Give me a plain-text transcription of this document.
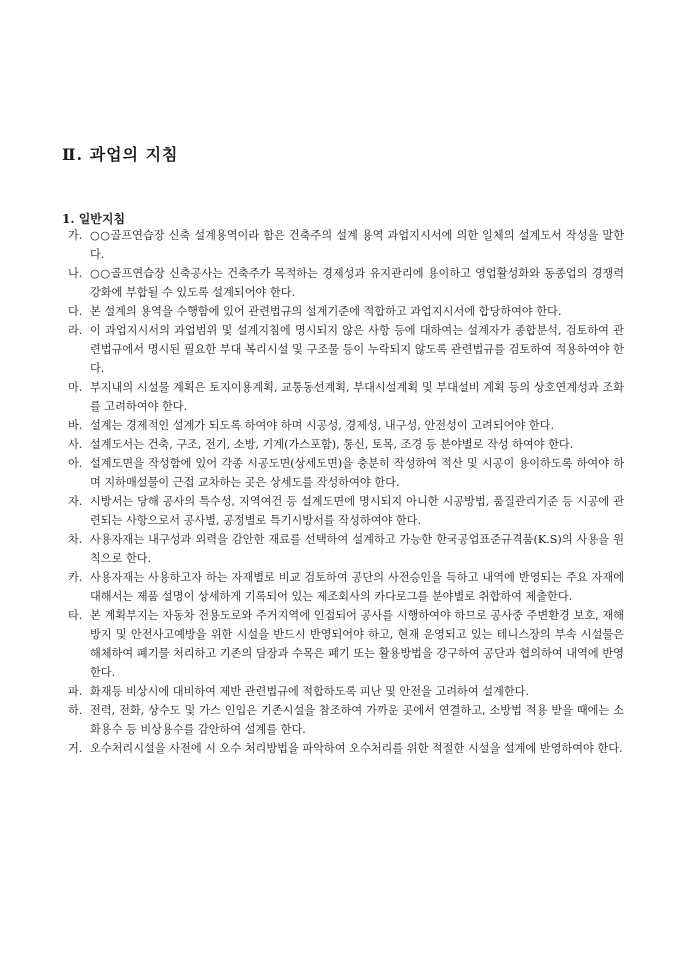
Ⅱ. 과업의 지침
1. 일반지침
가. ○○골프연습장 신축 설계용역이라 함은 건축주의 설계 용역 과업지시서에 의한 일체의 설계도서 작성을 말한다.
나. ○○골프연습장 신축공사는 건축주가 목적하는 경제성과 유지관리에 용이하고 영업활성화와 동종업의 경쟁력 강화에 부합될 수 있도록 설계되어야 한다.
다. 본 설계의 용역을 수행함에 있어 관련법규의 설계기준에 적합하고 과업지시서에 합당하여야 한다.
라. 이 과업지시서의 과업범위 및 설계지침에 명시되지 않은 사항 등에 대하여는 설계자가 종합분석, 검토하여 관련법규에서 명시된 필요한 부대 복리시설 및 구조물 등이 누락되지 않도록 관련법규를 검토하여 적용하여야 한다.
마. 부지내의 시설물 계획은 토지이용계획, 교통동선계획, 부대시설계획 및 부대설비 계획 등의 상호연계성과 조화를 고려하여야 한다.
바. 설계는 경제적인 설계가 되도록 하여야 하며 시공성, 경제성, 내구성, 안전성이 고려되어야 한다.
사. 설계도서는 건축, 구조, 전기, 소방, 기계(가스포함), 통신, 토목, 조경 등 분야별로 작성 하여야 한다.
아. 설계도면을 작성함에 있어 각종 시공도면(상세도면)을 충분히 작성하여 적산 및 시공이 용이하도록 하여야 하며 지하매설물이 근접 교차하는 곳은 상세도를 작성하여야 한다.
자. 시방서는 당해 공사의 특수성, 지역여건 등 설계도면에 명시되지 아니한 시공방법, 품질관리기준 등 시공에 관련되는 사항으로서 공사별, 공정별로 특기시방서를 작성하여야 한다.
차. 사용자재는 내구성과 외력을 감안한 재료를 선택하여 설계하고 가능한 한국공업표준규격품(K.S)의 사용을 원칙으로 한다.
카. 사용자재는 사용하고자 하는 자재별로 비교 검토하여 공단의 사전승인을 득하고 내역에 반영되는 주요 자재에 대해서는 제품 설명이 상세하게 기록되어 있는 제조회사의 카다로그를 분야별로 취합하여 제출한다.
타. 본 계획부지는 자동차 전용도로와 주거지역에 인접되어 공사를 시행하여야 하므로 공사중 주변환경 보호, 재해방지 및 안전사고예방을 위한 시설을 반드시 반영되어야 하고, 현재 운영되고 있는 테니스장의 부속 시설물은 해체하여 폐기물 처리하고 기존의 담장과 수목은 폐기 또는 활용방법을 강구하여 공단과 협의하여 내역에 반영한다.
파. 화재등 비상시에 대비하여 제반 관련법규에 적합하도록 피난 및 안전을 고려하여 설계한다.
하. 전력, 전화, 상수도 및 가스 인입은 기존시설을 참조하여 가까운 곳에서 연결하고, 소방법 적용 받을 때에는 소화용수 등 비상용수를 감안하여 설계를 한다.
거. 오수처리시설을 사전에 시 오수 처리방법을 파악하여 오수처리를 위한 적절한 시설을 설계에 반영하여야 한다.
